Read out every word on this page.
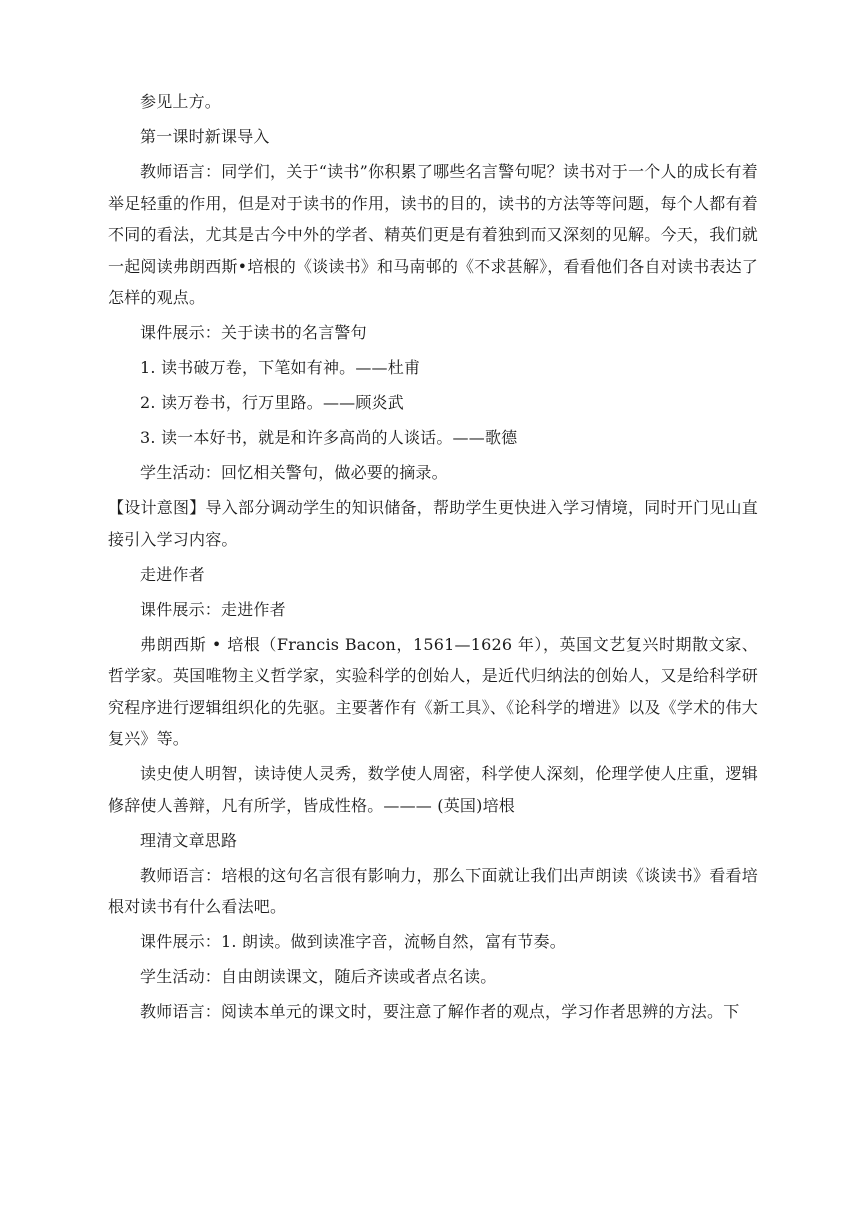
参见上方。

第一课时新课导入

教师语言：同学们，关于“读书”你积累了哪些名言警句呢？读书对于一个人的成长有着举足轻重的作用，但是对于读书的作用，读书的目的，读书的方法等等问题，每个人都有着不同的看法，尤其是古今中外的学者、精英们更是有着独到而又深刻的见解。今天，我们就一起阅读弗朗西斯•培根的《谈读书》和马南邨的《不求甚解》，看看他们各自对读书表达了怎样的观点。

课件展示：关于读书的名言警句

1. 读书破万卷，下笔如有神。——杜甫

2. 读万卷书，行万里路。——顾炎武

3. 读一本好书，就是和许多高尚的人谈话。——歌德

学生活动：回忆相关警句，做必要的摘录。

【设计意图】导入部分调动学生的知识储备，帮助学生更快进入学习情境，同时开门见山直接引入学习内容。

走进作者

课件展示：走进作者

弗朗西斯 • 培根（Francis Bacon，1561—1626 年），英国文艺复兴时期散文家、哲学家。英国唯物主义哲学家，实验科学的创始人，是近代归纳法的创始人，又是给科学研究程序进行逻辑组织化的先驱。主要著作有《新工具》、《论科学的增进》以及《学术的伟大复兴》等。

读史使人明智，读诗使人灵秀，数学使人周密，科学使人深刻，伦理学使人庄重，逻辑修辞使人善辩，凡有所学，皆成性格。——— (英国)培根

理清文章思路

教师语言：培根的这句名言很有影响力，那么下面就让我们出声朗读《谈读书》看看培根对读书有什么看法吧。

课件展示：1. 朗读。做到读准字音，流畅自然，富有节奏。

学生活动：自由朗读课文，随后齐读或者点名读。

教师语言：阅读本单元的课文时，要注意了解作者的观点，学习作者思辨的方法。下
